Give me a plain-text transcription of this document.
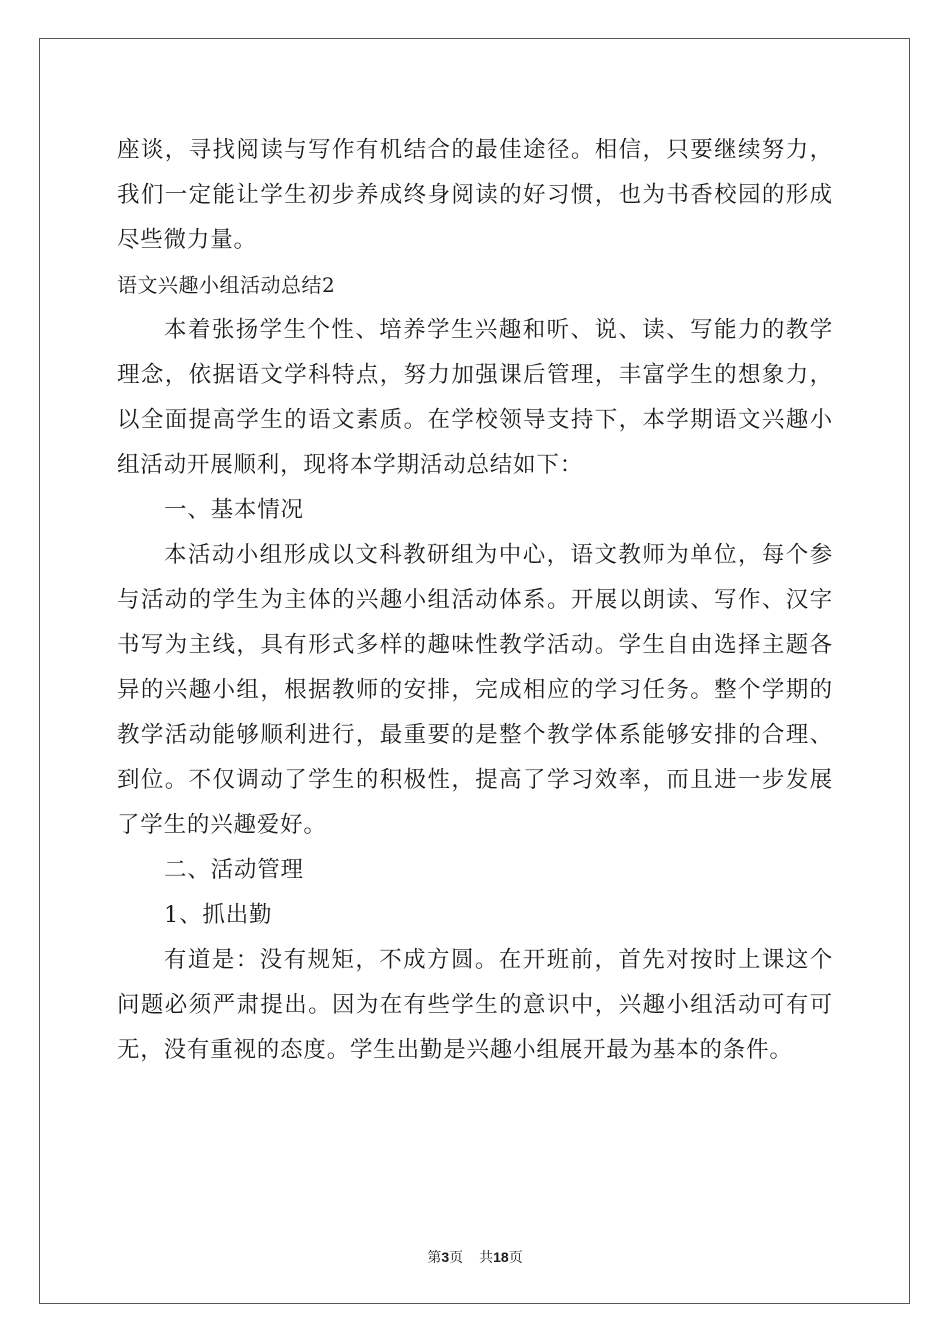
座谈，寻找阅读与写作有机结合的最佳途径。相信，只要继续努力，
我们一定能让学生初步养成终身阅读的好习惯，也为书香校园的形成
尽些微力量。
语文兴趣小组活动总结2
本着张扬学生个性、培养学生兴趣和听、说、读、写能力的教学
理念，依据语文学科特点，努力加强课后管理，丰富学生的想象力，
以全面提高学生的语文素质。在学校领导支持下，本学期语文兴趣小
组活动开展顺利，现将本学期活动总结如下：
一、基本情况
本活动小组形成以文科教研组为中心，语文教师为单位，每个参
与活动的学生为主体的兴趣小组活动体系。开展以朗读、写作、汉字
书写为主线，具有形式多样的趣味性教学活动。学生自由选择主题各
异的兴趣小组，根据教师的安排，完成相应的学习任务。整个学期的
教学活动能够顺利进行，最重要的是整个教学体系能够安排的合理、
到位。不仅调动了学生的积极性，提高了学习效率，而且进一步发展
了学生的兴趣爱好。
二、活动管理
1、抓出勤
有道是：没有规矩，不成方圆。在开班前，首先对按时上课这个
问题必须严肃提出。因为在有些学生的意识中，兴趣小组活动可有可
无，没有重视的态度。学生出勤是兴趣小组展开最为基本的条件。
第3页 共18页
